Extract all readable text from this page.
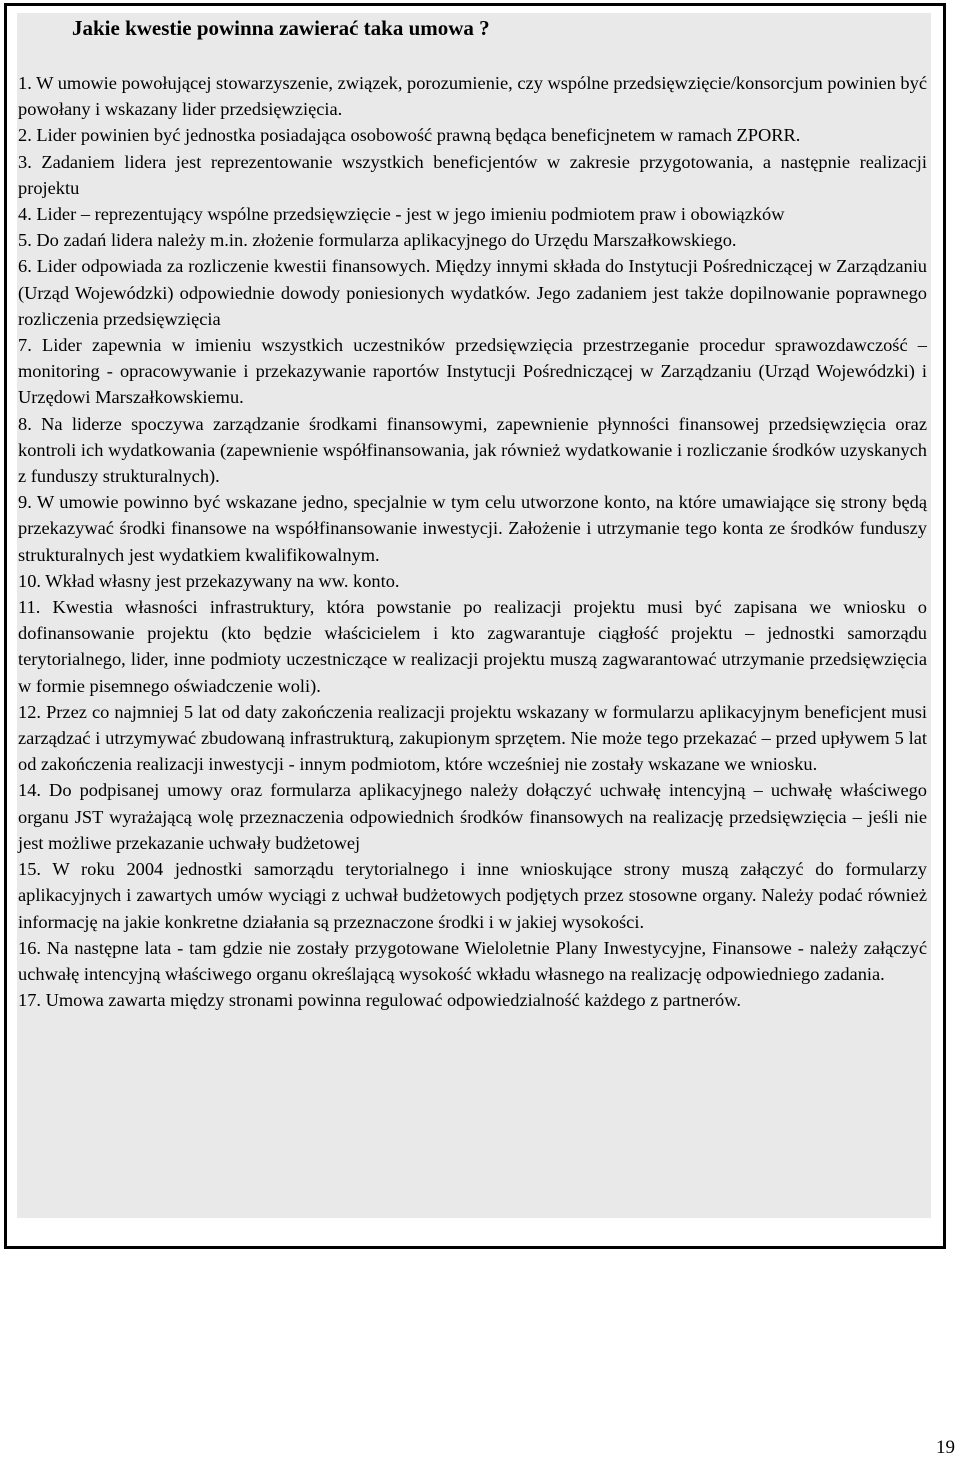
Jakie kwestie powinna zawierać taka umowa ?
1. W umowie powołującej stowarzyszenie, związek, porozumienie, czy wspólne przedsięwzięcie/konsorcjum powinien być powołany i wskazany lider przedsięwzięcia.
2. Lider powinien być jednostka posiadająca osobowość prawną będąca beneficjnetem w ramach ZPORR.
3. Zadaniem lidera jest reprezentowanie wszystkich beneficjentów w zakresie przygotowania, a następnie realizacji projektu
4. Lider – reprezentujący wspólne przedsięwzięcie - jest w jego imieniu podmiotem praw i obowiązków
5. Do zadań lidera należy m.in. złożenie formularza aplikacyjnego do Urzędu Marszałkowskiego.
6. Lider odpowiada za rozliczenie kwestii finansowych. Między innymi składa do Instytucji Pośredniczącej w Zarządzaniu (Urząd Wojewódzki) odpowiednie dowody poniesionych wydatków. Jego zadaniem jest także dopilnowanie poprawnego rozliczenia przedsięwzięcia
7. Lider zapewnia w imieniu wszystkich uczestników przedsięwzięcia przestrzeganie procedur sprawozdawczość – monitoring - opracowywanie i przekazywanie raportów Instytucji Pośredniczącej w Zarządzaniu (Urząd Wojewódzki) i Urzędowi Marszałkowskiemu.
8. Na liderze spoczywa zarządzanie środkami finansowymi, zapewnienie płynności finansowej przedsięwzięcia oraz kontroli ich wydatkowania (zapewnienie współfinansowania, jak również wydatkowanie i rozliczanie środków uzyskanych z funduszy strukturalnych).
9. W umowie powinno być wskazane jedno, specjalnie w tym celu utworzone konto, na które umawiające się strony będą przekazywać środki finansowe na współfinansowanie inwestycji. Założenie i utrzymanie tego konta ze środków funduszy strukturalnych jest wydatkiem kwalifikowalnym.
10. Wkład własny jest przekazywany na ww. konto.
11. Kwestia własności infrastruktury, która powstanie po realizacji projektu musi być zapisana we wniosku o dofinansowanie projektu (kto będzie właścicielem i kto zagwarantuje ciągłość projektu – jednostki samorządu terytorialnego, lider, inne podmioty uczestniczące w realizacji projektu muszą zagwarantować utrzymanie przedsięwzięcia w formie pisemnego oświadczenie woli).
12. Przez co najmniej 5 lat od daty zakończenia realizacji projektu wskazany w formularzu aplikacyjnym beneficjent musi zarządzać i utrzymywać zbudowaną infrastrukturą, zakupionym sprzętem. Nie może tego przekazać – przed upływem 5 lat od zakończenia realizacji inwestycji - innym podmiotom, które wcześniej nie zostały wskazane we wniosku.
14. Do podpisanej umowy oraz formularza aplikacyjnego należy dołączyć uchwałę intencyjną – uchwałę właściwego organu JST wyrażającą wolę przeznaczenia odpowiednich środków finansowych na realizację przedsięwzięcia – jeśli nie jest możliwe przekazanie uchwały budżetowej
15. W roku 2004 jednostki samorządu terytorialnego i inne wnioskujące strony muszą załączyć do formularzy aplikacyjnych i zawartych umów wyciągi z uchwał budżetowych podjętych przez stosowne organy. Należy podać również informację na jakie konkretne działania są przeznaczone środki i w jakiej wysokości.
16. Na następne lata - tam gdzie nie zostały przygotowane Wieloletnie Plany Inwestycyjne, Finansowe - należy załączyć uchwałę intencyjną właściwego organu określającą wysokość wkładu własnego na realizację odpowiedniego zadania.
17. Umowa zawarta między stronami powinna regulować odpowiedzialność każdego z partnerów.
19
